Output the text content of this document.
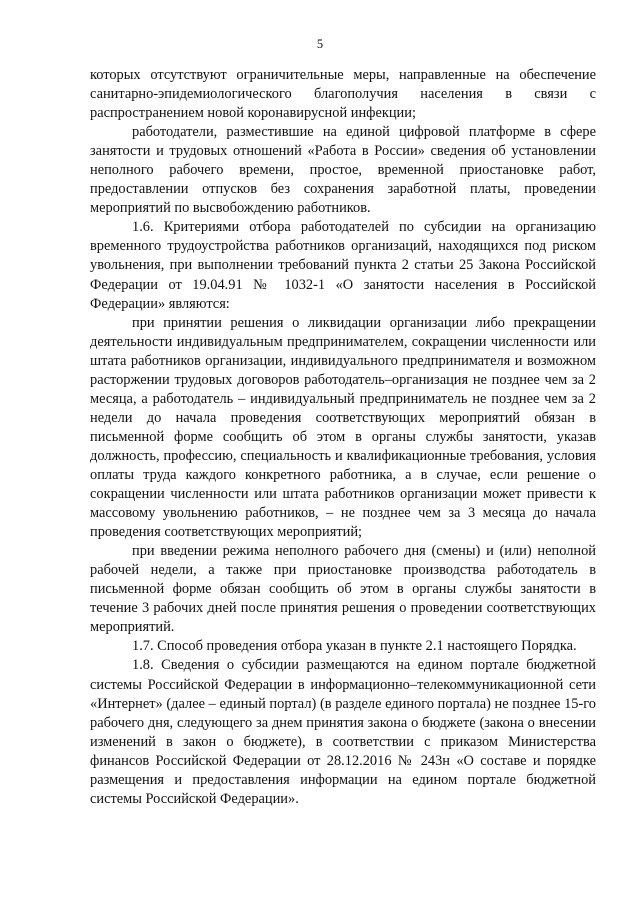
5

которых отсутствуют ограничительные меры, направленные на обеспечение санитарно-эпидемиологического благополучия населения в связи с распространением новой коронавирусной инфекции;

работодатели, разместившие на единой цифровой платформе в сфере занятости и трудовых отношений «Работа в России» сведения об установлении неполного рабочего времени, простое, временной приостановке работ, предоставлении отпусков без сохранения заработной платы, проведении мероприятий по высвобождению работников.

1.6. Критериями отбора работодателей по субсидии на организацию временного трудоустройства работников организаций, находящихся под риском увольнения, при выполнении требований пункта 2 статьи 25 Закона Российской Федерации от 19.04.91 № 1032-1 «О занятости населения в Российской Федерации» являются:

при принятии решения о ликвидации организации либо прекращении деятельности индивидуальным предпринимателем, сокращении численности или штата работников организации, индивидуального предпринимателя и возможном расторжении трудовых договоров работодатель–организация не позднее чем за 2 месяца, а работодатель – индивидуальный предприниматель не позднее чем за 2 недели до начала проведения соответствующих мероприятий обязан в письменной форме сообщить об этом в органы службы занятости, указав должность, профессию, специальность и квалификационные требования, условия оплаты труда каждого конкретного работника, а в случае, если решение о сокращении численности или штата работников организации может привести к массовому увольнению работников, – не позднее чем за 3 месяца до начала проведения соответствующих мероприятий;

при введении режима неполного рабочего дня (смены) и (или) неполной рабочей недели, а также при приостановке производства работодатель в письменной форме обязан сообщить об этом в органы службы занятости в течение 3 рабочих дней после принятия решения о проведении соответствующих мероприятий.

1.7. Способ проведения отбора указан в пункте 2.1 настоящего Порядка.

1.8. Сведения о субсидии размещаются на едином портале бюджетной системы Российской Федерации в информационно–телекоммуникационной сети «Интернет» (далее – единый портал) (в разделе единого портала) не позднее 15-го рабочего дня, следующего за днем принятия закона о бюджете (закона о внесении изменений в закон о бюджете), в соответствии с приказом Министерства финансов Российской Федерации от 28.12.2016 № 243н «О составе и порядке размещения и предоставления информации на едином портале бюджетной системы Российской Федерации».
